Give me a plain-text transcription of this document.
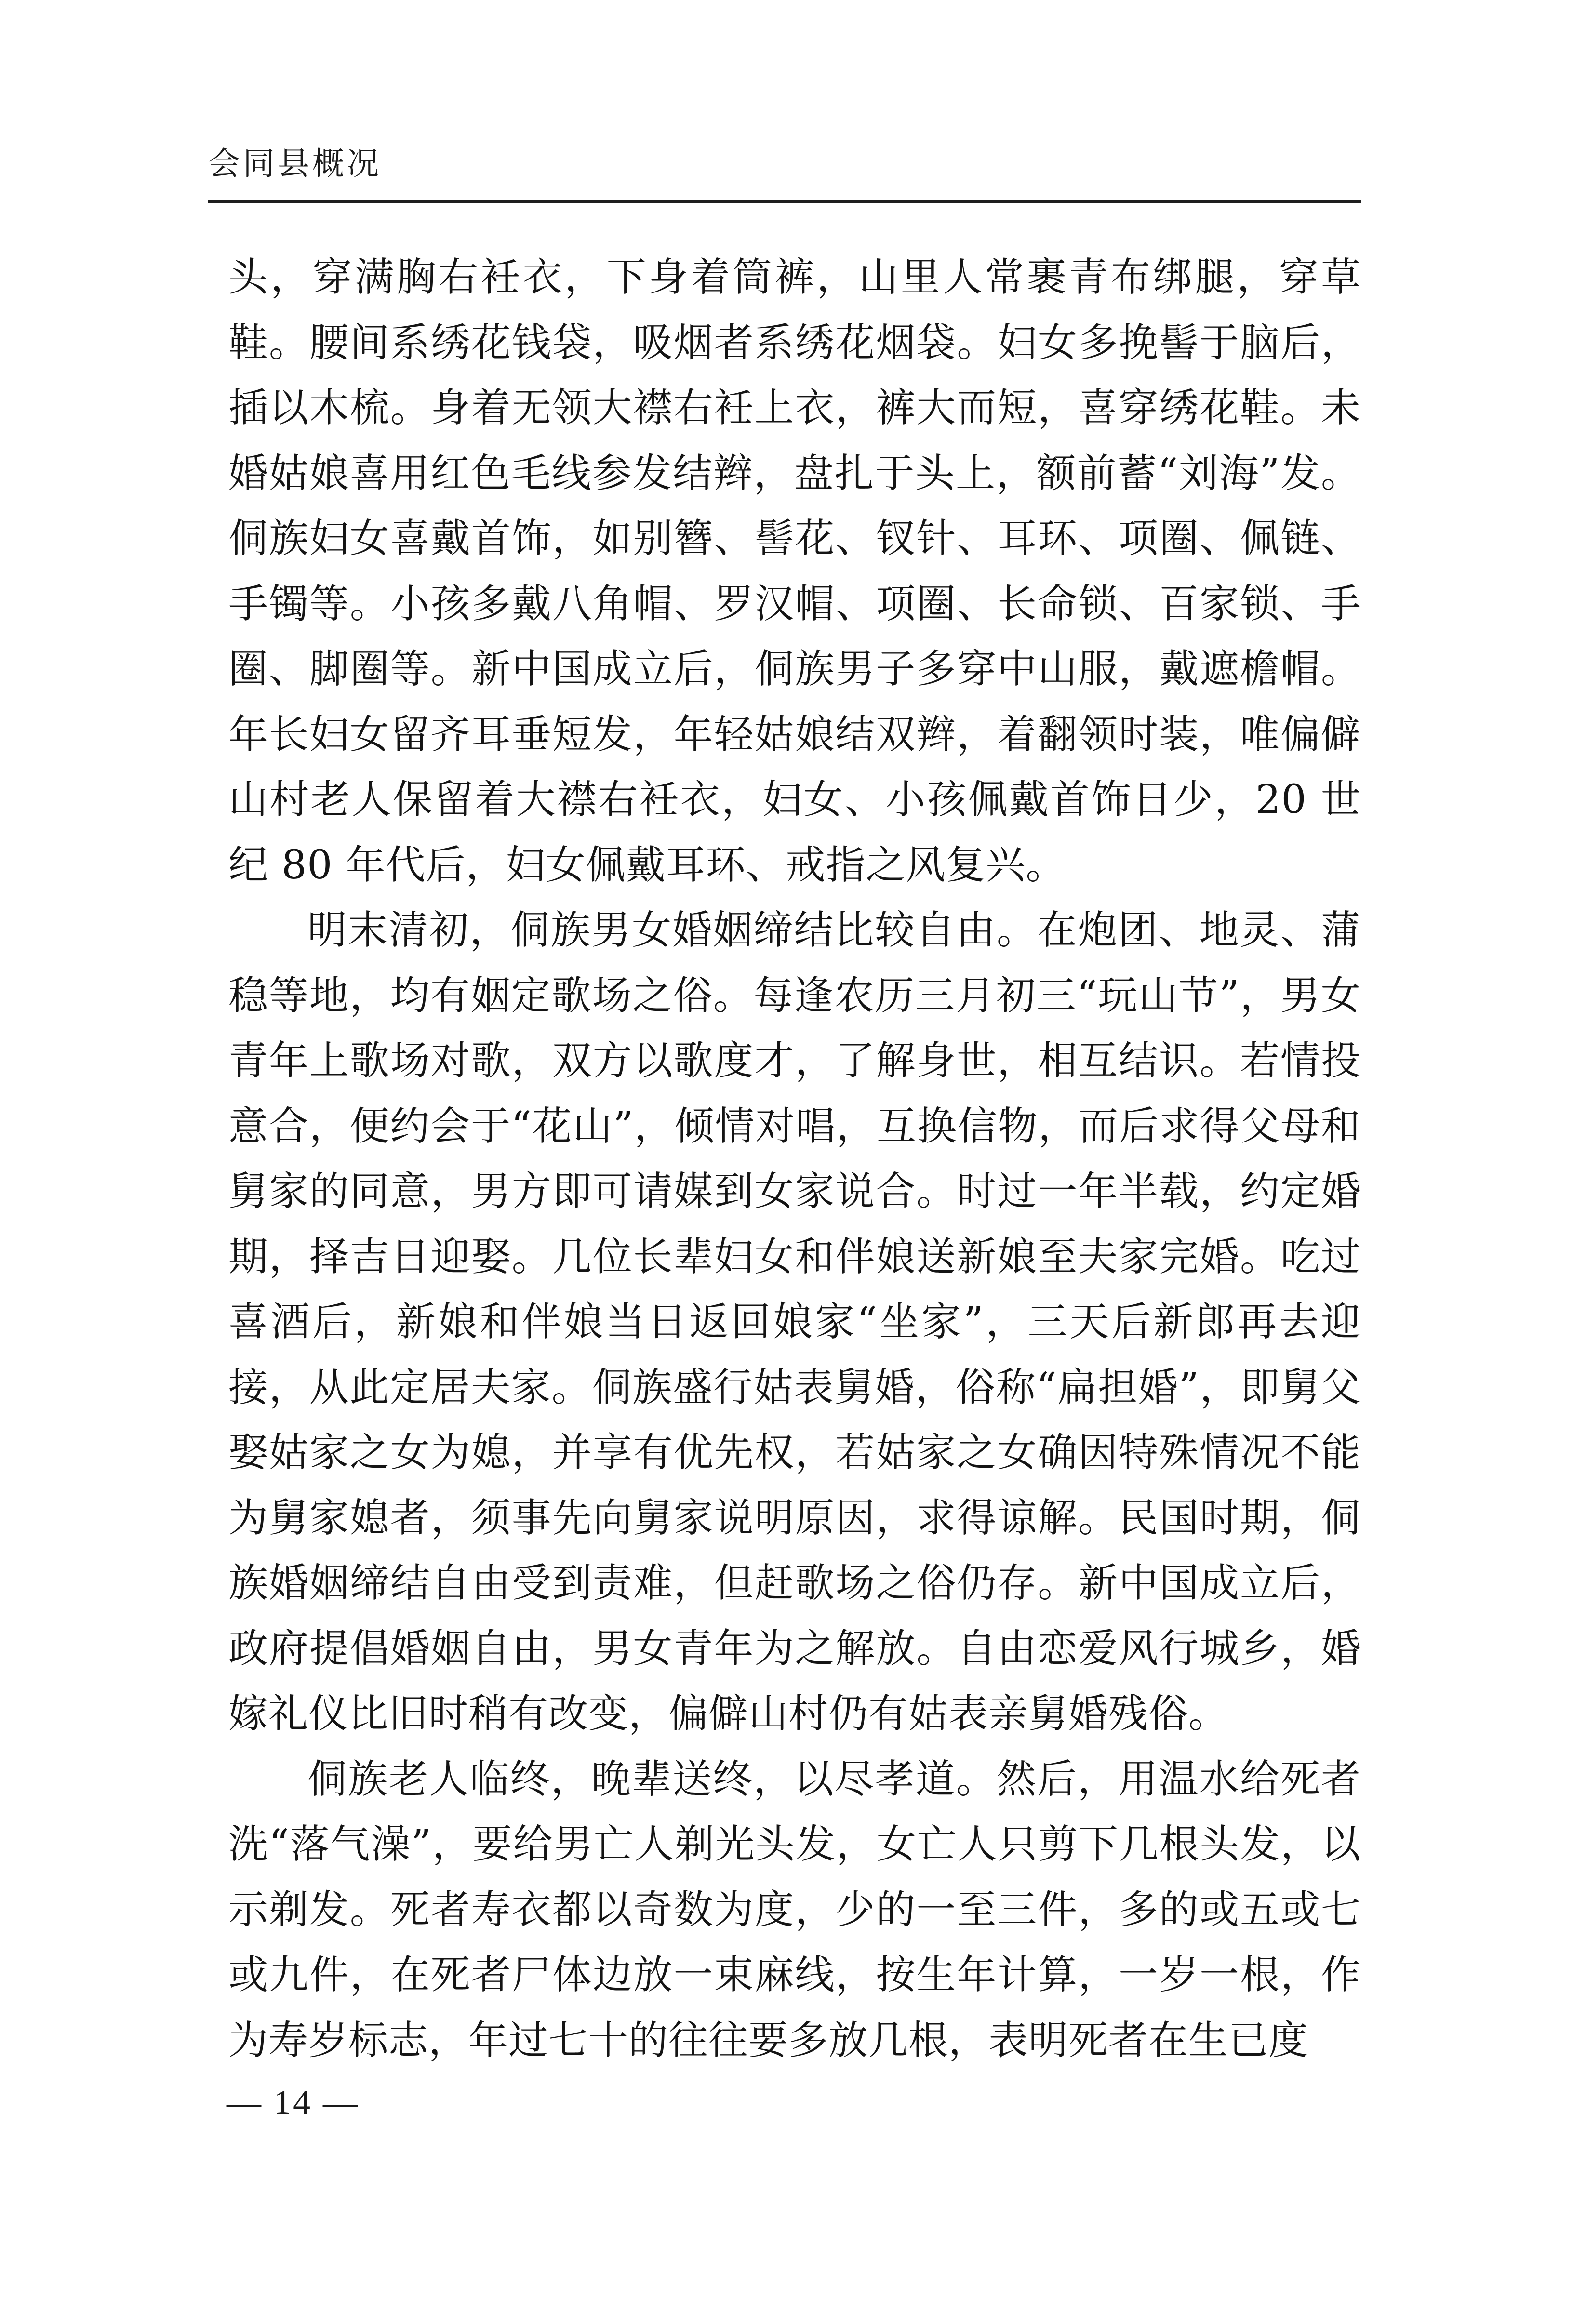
会同县概况

头，穿满胸右衽衣，下身着筒裤，山里人常裹青布绑腿，穿草鞋。腰间系绣花钱袋，吸烟者系绣花烟袋。妇女多挽髻于脑后，插以木梳。身着无领大襟右衽上衣，裤大而短，喜穿绣花鞋。未婚姑娘喜用红色毛线参发结辫，盘扎于头上，额前蓄“刘海”发。侗族妇女喜戴首饰，如别簪、髻花、钗针、耳环、项圈、佩链、手镯等。小孩多戴八角帽、罗汉帽、项圈、长命锁、百家锁、手圈、脚圈等。新中国成立后，侗族男子多穿中山服，戴遮檐帽。年长妇女留齐耳垂短发，年轻姑娘结双辫，着翻领时装，唯偏僻山村老人保留着大襟右衽衣，妇女、小孩佩戴首饰日少，20 世纪 80 年代后，妇女佩戴耳环、戒指之风复兴。

明末清初，侗族男女婚姻缔结比较自由。在炮团、地灵、蒲稳等地，均有姻定歌场之俗。每逢农历三月初三“玩山节”，男女青年上歌场对歌，双方以歌度才，了解身世，相互结识。若情投意合，便约会于“花山”，倾情对唱，互换信物，而后求得父母和舅家的同意，男方即可请媒到女家说合。时过一年半载，约定婚期，择吉日迎娶。几位长辈妇女和伴娘送新娘至夫家完婚。吃过喜酒后，新娘和伴娘当日返回娘家“坐家”，三天后新郎再去迎接，从此定居夫家。侗族盛行姑表舅婚，俗称“扁担婚”，即舅父娶姑家之女为媳，并享有优先权，若姑家之女确因特殊情况不能为舅家媳者，须事先向舅家说明原因，求得谅解。民国时期，侗族婚姻缔结自由受到责难，但赶歌场之俗仍存。新中国成立后，政府提倡婚姻自由，男女青年为之解放。自由恋爱风行城乡，婚嫁礼仪比旧时稍有改变，偏僻山村仍有姑表亲舅婚残俗。

侗族老人临终，晚辈送终，以尽孝道。然后，用温水给死者洗“落气澡”，要给男亡人剃光头发，女亡人只剪下几根头发，以示剃发。死者寿衣都以奇数为度，少的一至三件，多的或五或七或九件，在死者尸体边放一束麻线，按生年计算，一岁一根，作为寿岁标志，年过七十的往往要多放几根，表明死者在生已度

— 14 —
